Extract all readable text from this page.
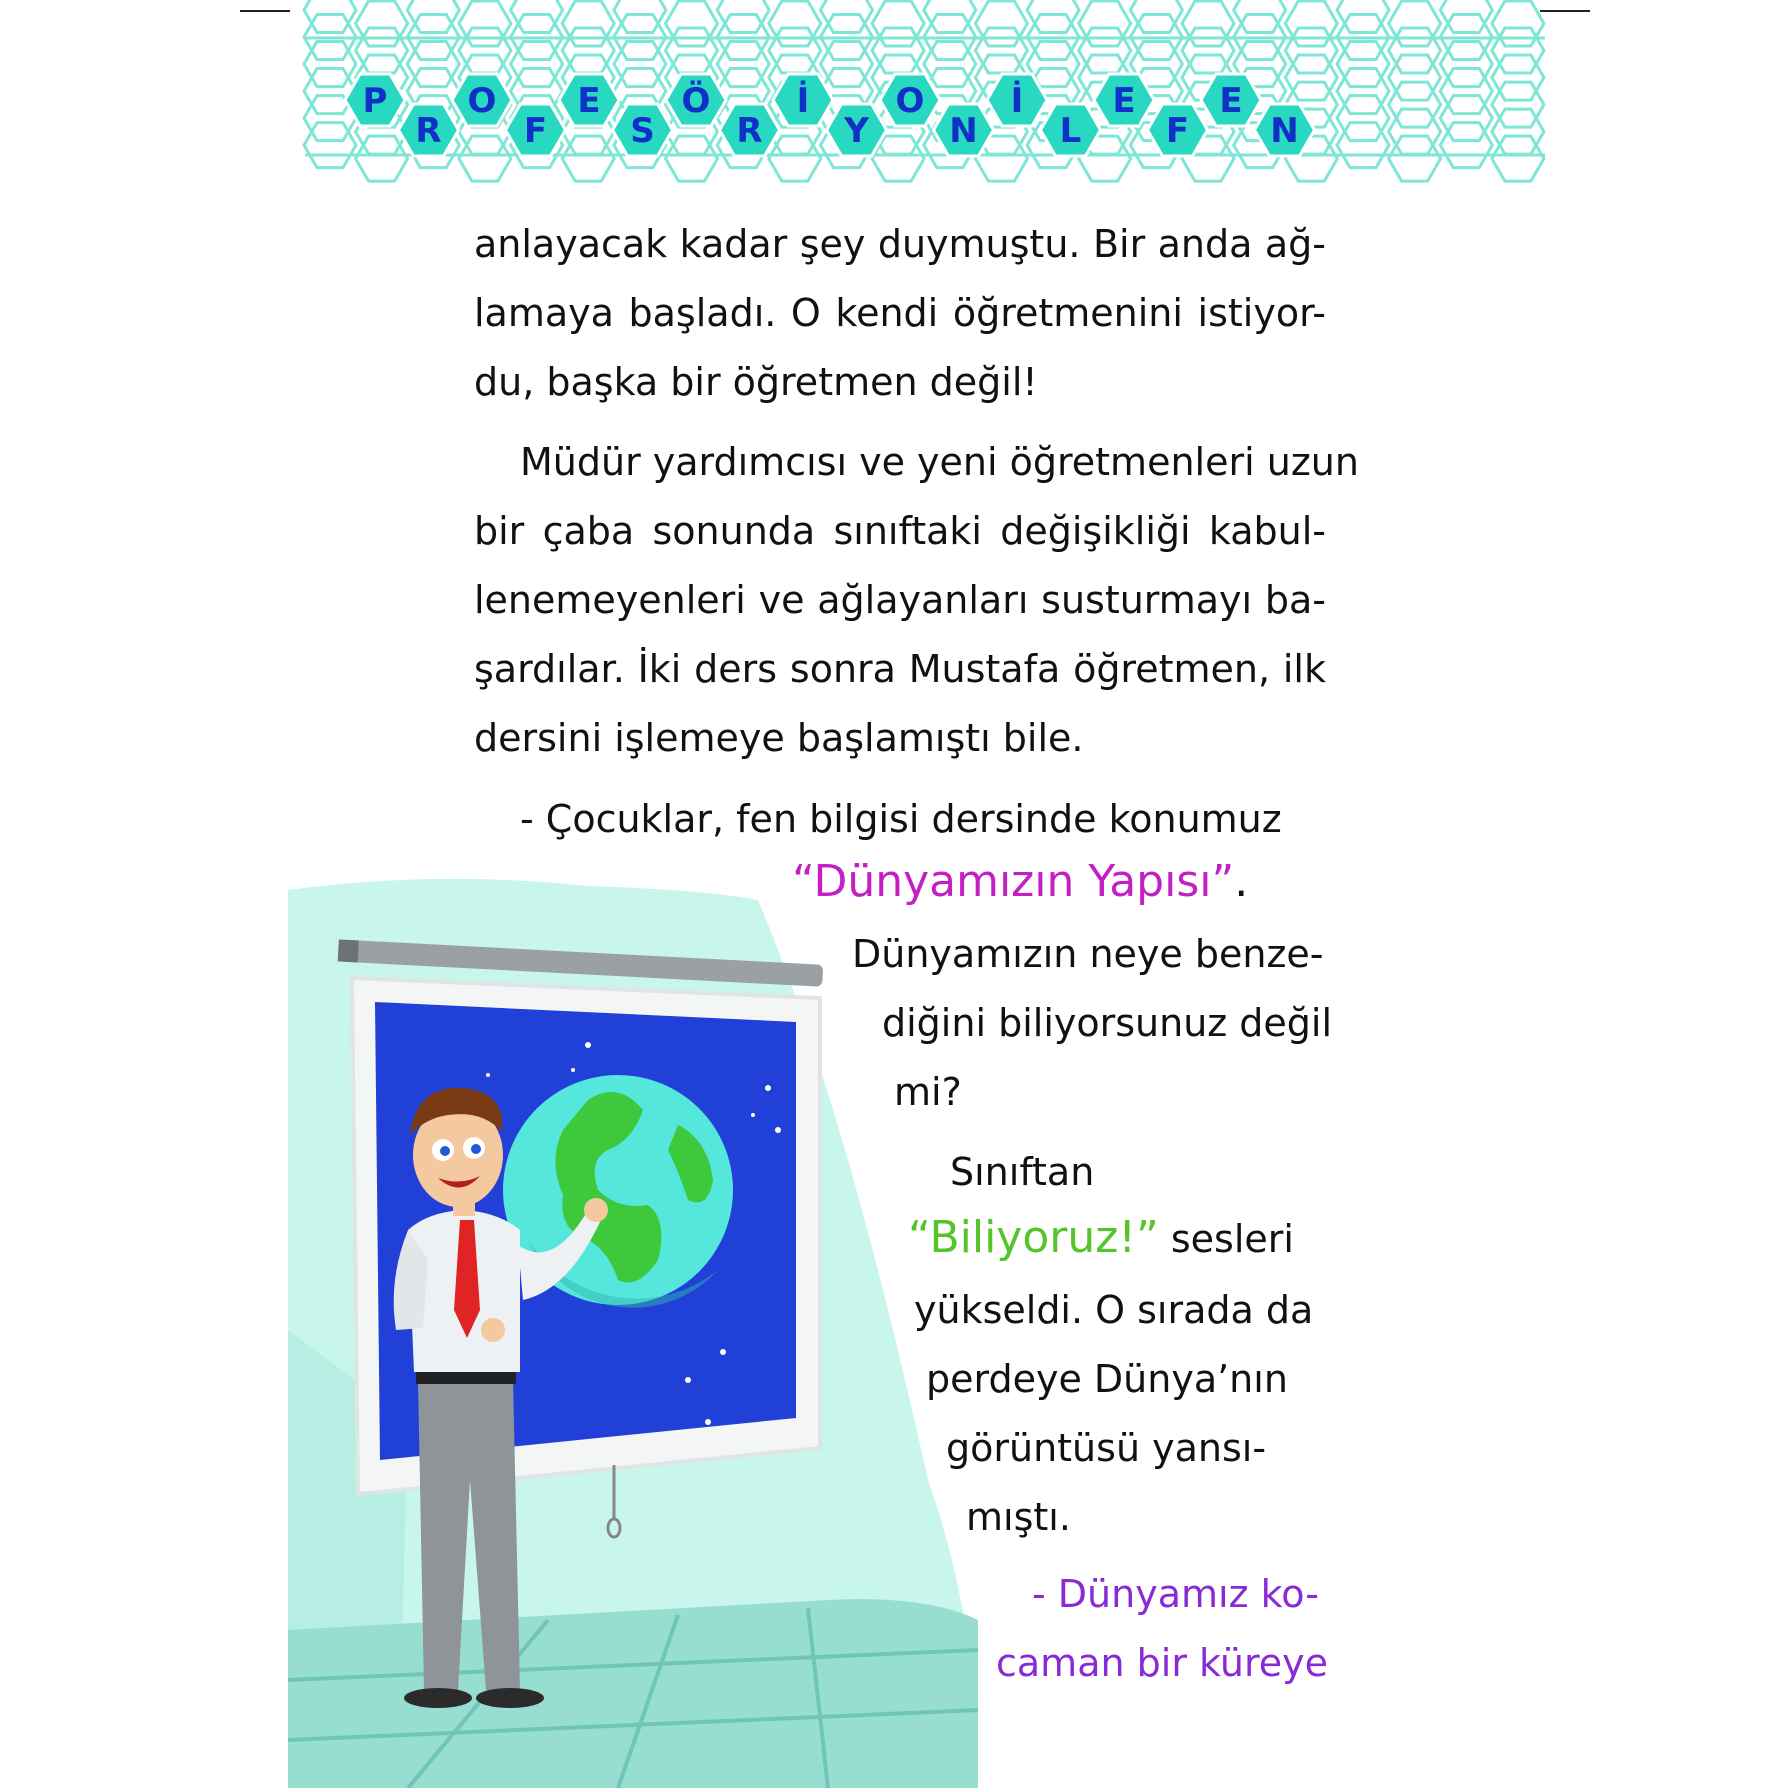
P
R
O
F
E
S
Ö
R
İ
Y
O
N
İ
L
E
F
E
N
anlayacak kadar şey duymuştu. Bir anda ağ-
lamaya başladı. O kendi öğretmenini istiyor-
du, başka bir öğretmen değil!
Müdür yardımcısı ve yeni öğretmenleri uzun
bir çaba sonunda sınıftaki değişikliği kabul-
lenemeyenleri ve ağlayanları susturmayı ba-
şardılar. İki ders sonra Mustafa öğretmen, ilk
dersini işlemeye başlamıştı bile.
- Çocuklar, fen bilgisi dersinde konumuz
“Dünyamızın Yapısı”.
Dünyamızın neye benze-
diğini biliyorsunuz değil
mi?
Sınıftan
“Biliyoruz!” sesleri
yükseldi. O sırada da
perdeye Dünya’nın
görüntüsü yansı-
mıştı.
- Dünyamız ko-
caman bir küreye
